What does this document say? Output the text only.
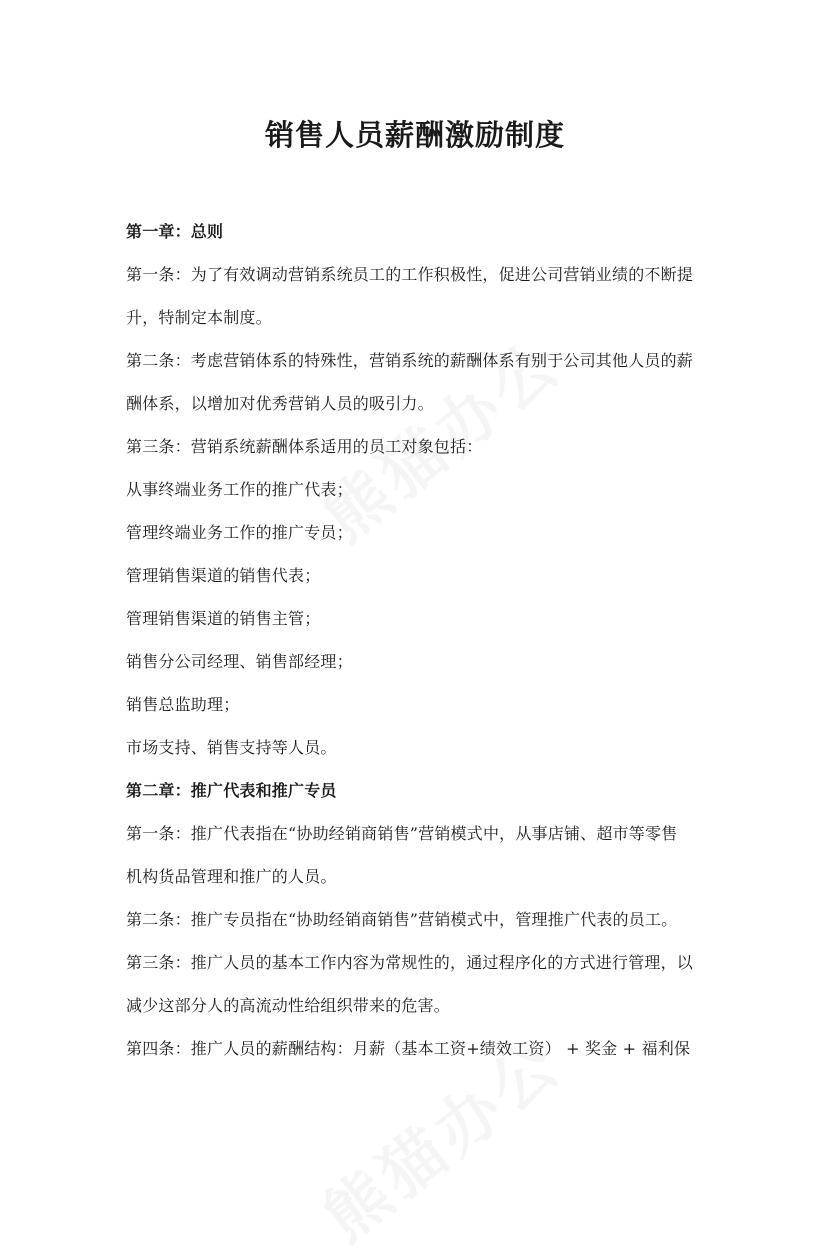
销售人员薪酬激励制度

第一章：总则

第一条：为了有效调动营销系统员工的工作积极性，促进公司营销业绩的不断提

升，特制定本制度。

第二条：考虑营销体系的特殊性，营销系统的薪酬体系有别于公司其他人员的薪

酬体系，以增加对优秀营销人员的吸引力。

第三条：营销系统薪酬体系适用的员工对象包括：

从事终端业务工作的推广代表；

管理终端业务工作的推广专员；

管理销售渠道的销售代表；

管理销售渠道的销售主管；

销售分公司经理、销售部经理；

销售总监助理；

市场支持、销售支持等人员。

第二章：推广代表和推广专员

第一条：推广代表指在“协助经销商销售”营销模式中，从事店铺、超市等零售

机构货品管理和推广的人员。

第二条：推广专员指在“协助经销商销售”营销模式中，管理推广代表的员工。

第三条：推广人员的基本工作内容为常规性的，通过程序化的方式进行管理，以

减少这部分人的高流动性给组织带来的危害。

第四条：推广人员的薪酬结构：月薪（基本工资+绩效工资） + 奖金 + 福利保
